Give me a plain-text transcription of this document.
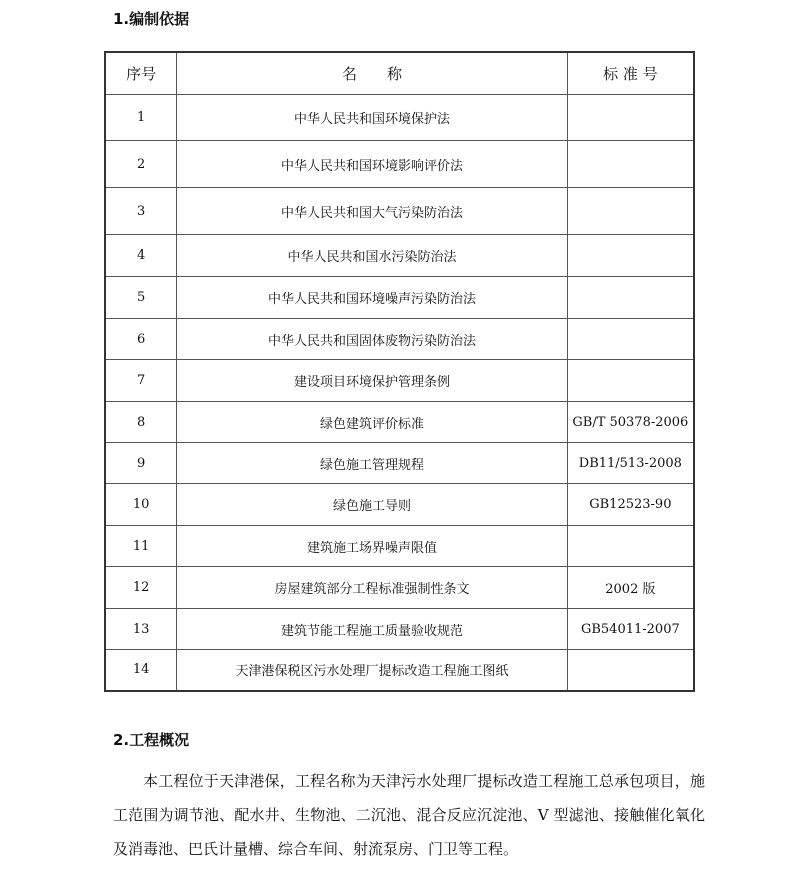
1.编制依据
序号	名　　称	标 准 号
1	中华人民共和国环境保护法	
2	中华人民共和国环境影响评价法	
3	中华人民共和国大气污染防治法	
4	中华人民共和国水污染防治法	
5	中华人民共和国环境噪声污染防治法	
6	中华人民共和国固体废物污染防治法	
7	建设项目环境保护管理条例	
8	绿色建筑评价标准	GB/T 50378-2006
9	绿色施工管理规程	DB11/513-2008
10	绿色施工导则	GB12523-90
11	建筑施工场界噪声限值	
12	房屋建筑部分工程标准强制性条文	2002 版
13	建筑节能工程施工质量验收规范	GB54011-2007
14	天津港保税区污水处理厂提标改造工程施工图纸	
2.工程概况
本工程位于天津港保，工程名称为天津污水处理厂提标改造工程施工总承包项目，施
工范围为调节池、配水井、生物池、二沉池、混合反应沉淀池、V 型滤池、接触催化氧化
及消毒池、巴氏计量槽、综合车间、射流泵房、门卫等工程。
